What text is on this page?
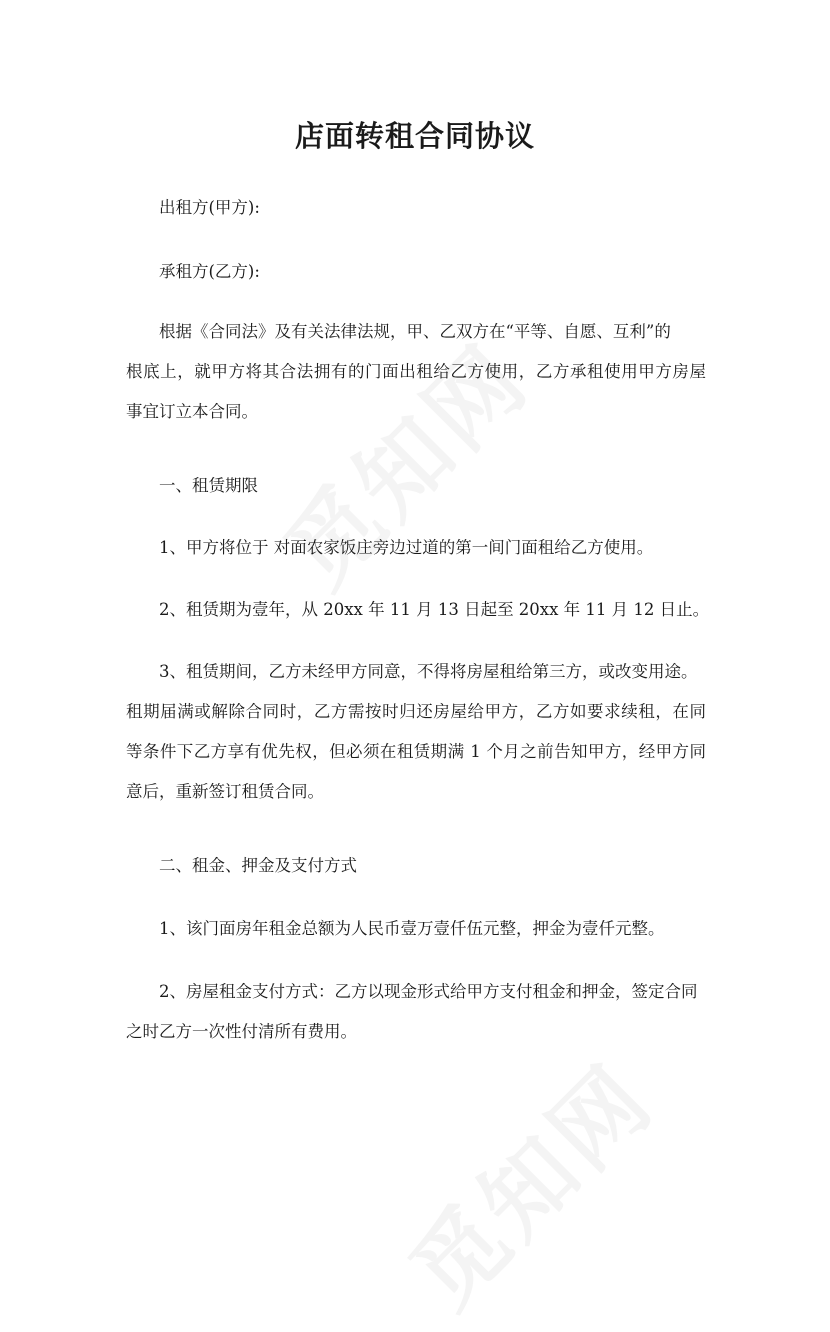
店面转租合同协议

出租方(甲方):

承租方(乙方):

根据《合同法》及有关法律法规，甲、乙双方在“平等、自愿、互利”的
根底上，就甲方将其合法拥有的门面出租给乙方使用，乙方承租使用甲方房屋
事宜订立本合同。

一、租赁期限

1、甲方将位于 对面农家饭庄旁边过道的第一间门面租给乙方使用。

2、租赁期为壹年，从 20xx 年 11 月 13 日起至 20xx 年 11 月 12 日止。

3、租赁期间，乙方未经甲方同意，不得将房屋租给第三方，或改变用途。
租期届满或解除合同时，乙方需按时归还房屋给甲方，乙方如要求续租，在同
等条件下乙方享有优先权，但必须在租赁期满 1 个月之前告知甲方，经甲方同
意后，重新签订租赁合同。

二、租金、押金及支付方式

1、该门面房年租金总额为人民币壹万壹仟伍元整，押金为壹仟元整。

2、房屋租金支付方式：乙方以现金形式给甲方支付租金和押金，签定合同
之时乙方一次性付清所有费用。
